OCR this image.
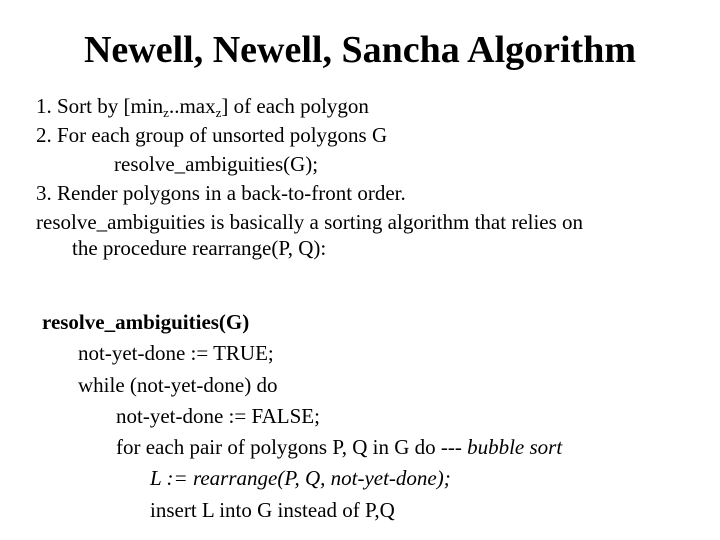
Newell, Newell, Sancha Algorithm
1. Sort by $[\min_z..\max_z]$ of each polygon
2. For each group of unsorted polygons G
resolve_ambiguities(G);
3. Render polygons in a back-to-front order.
resolve_ambiguities is basically a sorting algorithm that relies on
the procedure rearrange(P, Q):
resolve_ambiguities(G)
not-yet-done := TRUE;
while (not-yet-done) do
not-yet-done := FALSE;
for each pair of polygons P, Q in G do --- bubble sort
L := rearrange(P, Q, not-yet-done);
insert L into G instead of P,Q
